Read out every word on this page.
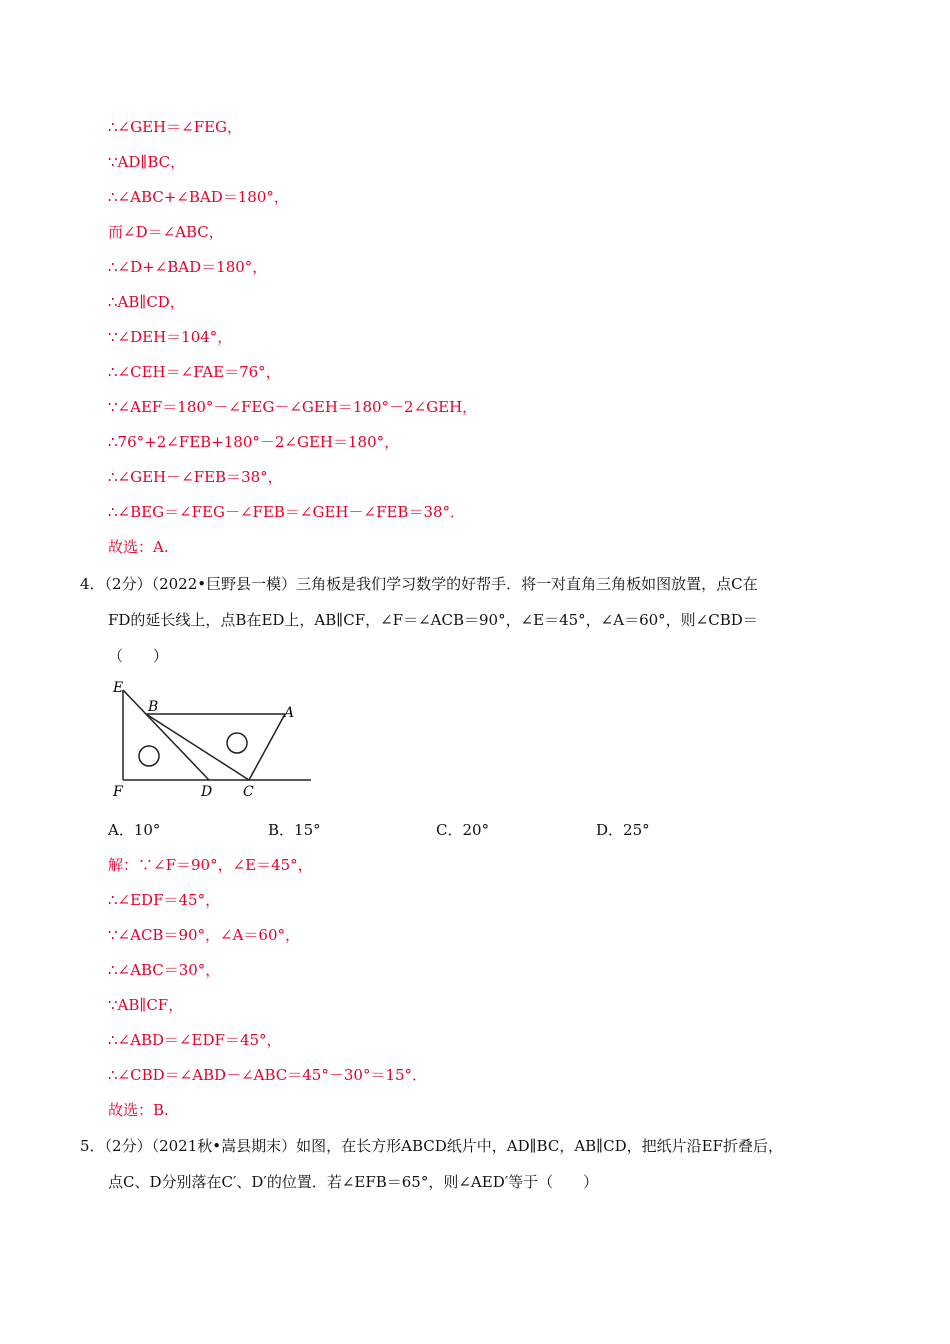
∴∠GEH＝∠FEG，
∵AD∥BC，
∴∠ABC+∠BAD＝180°，
而∠D＝∠ABC，
∴∠D+∠BAD＝180°，
∴AB∥CD，
∵∠DEH＝104°，
∴∠CEH＝∠FAE＝76°，
∵∠AEF＝180°－∠FEG－∠GEH＝180°－2∠GEH，
∴76°+2∠FEB+180°－2∠GEH＝180°，
∴∠GEH－∠FEB＝38°，
∴∠BEG＝∠FEG－∠FEB＝∠GEH－∠FEB＝38°．
故选：A.
4．（2分）（2022•巨野县一模）三角板是我们学习数学的好帮手．将一对直角三角板如图放置，点C在
FD的延长线上，点B在ED上，AB∥CF，∠F＝∠ACB＝90°，∠E＝45°，∠A＝60°，则∠CBD＝
（　　）
E
B	A
F	D C
A．10°	B．15°	C．20°	D．25°
解：∵∠F＝90°，∠E＝45°，
∴∠EDF＝45°，
∵∠ACB＝90°，∠A＝60°，
∴∠ABC＝30°，
∵AB∥CF，
∴∠ABD＝∠EDF＝45°，
∴∠CBD＝∠ABD－∠ABC＝45°－30°＝15°．
故选：B.
5．（2分）（2021秋•嵩县期末）如图，在长方形ABCD纸片中，AD∥BC，AB∥CD，把纸片沿EF折叠后，
点C、D分别落在C′、D′的位置．若∠EFB＝65°，则∠AED′等于（　　）
